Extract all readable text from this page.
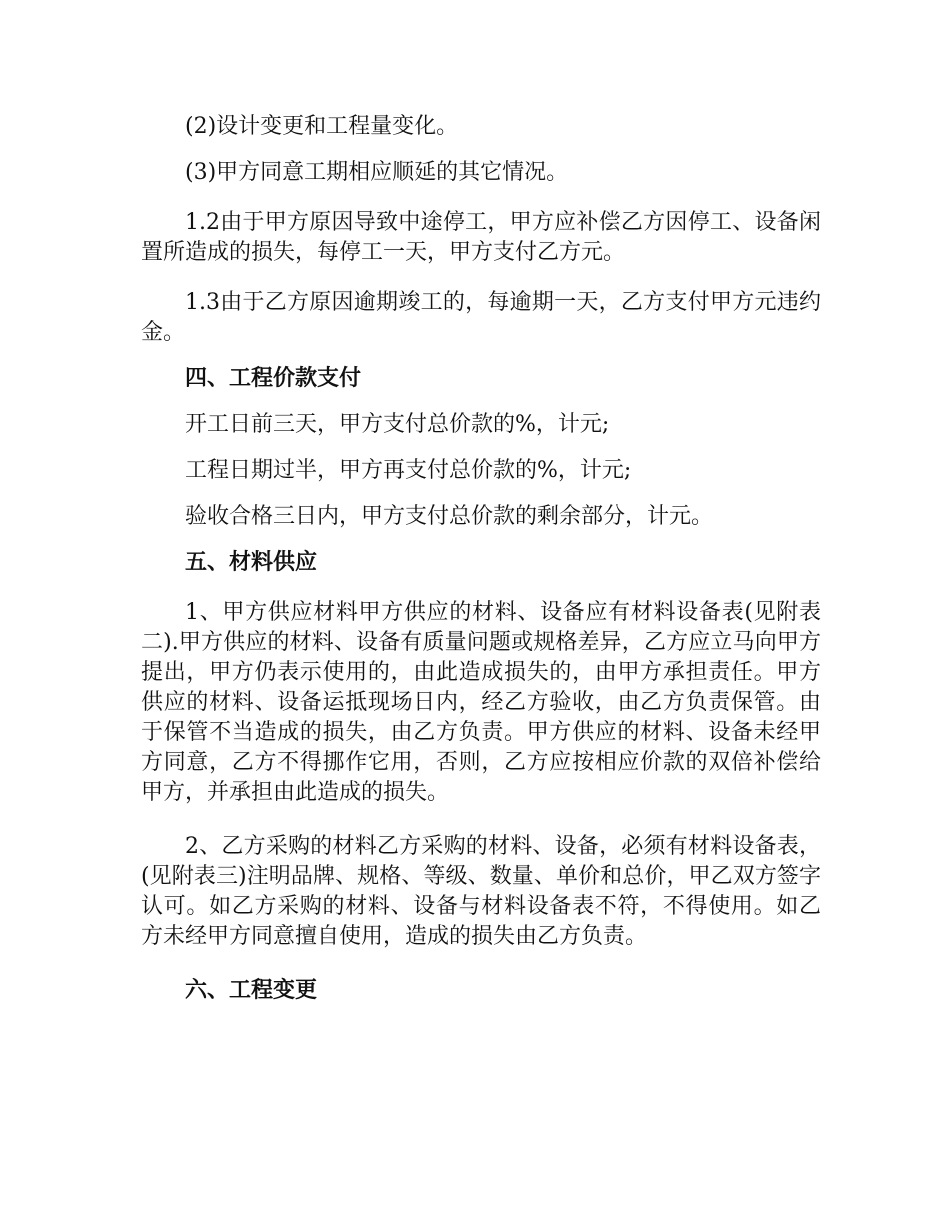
(2)设计变更和工程量变化。

(3)甲方同意工期相应顺延的其它情况。

1.2由于甲方原因导致中途停工，甲方应补偿乙方因停工、设备闲置所造成的损失，每停工一天，甲方支付乙方元。

1.3由于乙方原因逾期竣工的，每逾期一天，乙方支付甲方元违约金。

四、工程价款支付

开工日前三天，甲方支付总价款的%，计元;

工程日期过半，甲方再支付总价款的%，计元;

验收合格三日内，甲方支付总价款的剩余部分，计元。

五、材料供应

1、甲方供应材料甲方供应的材料、设备应有材料设备表(见附表二).甲方供应的材料、设备有质量问题或规格差异，乙方应立马向甲方提出，甲方仍表示使用的，由此造成损失的，由甲方承担责任。甲方供应的材料、设备运抵现场日内，经乙方验收，由乙方负责保管。由于保管不当造成的损失，由乙方负责。甲方供应的材料、设备未经甲方同意，乙方不得挪作它用，否则，乙方应按相应价款的双倍补偿给甲方，并承担由此造成的损失。

2、乙方采购的材料乙方采购的材料、设备，必须有材料设备表，(见附表三)注明品牌、规格、等级、数量、单价和总价，甲乙双方签字认可。如乙方采购的材料、设备与材料设备表不符，不得使用。如乙方未经甲方同意擅自使用，造成的损失由乙方负责。

六、工程变更
